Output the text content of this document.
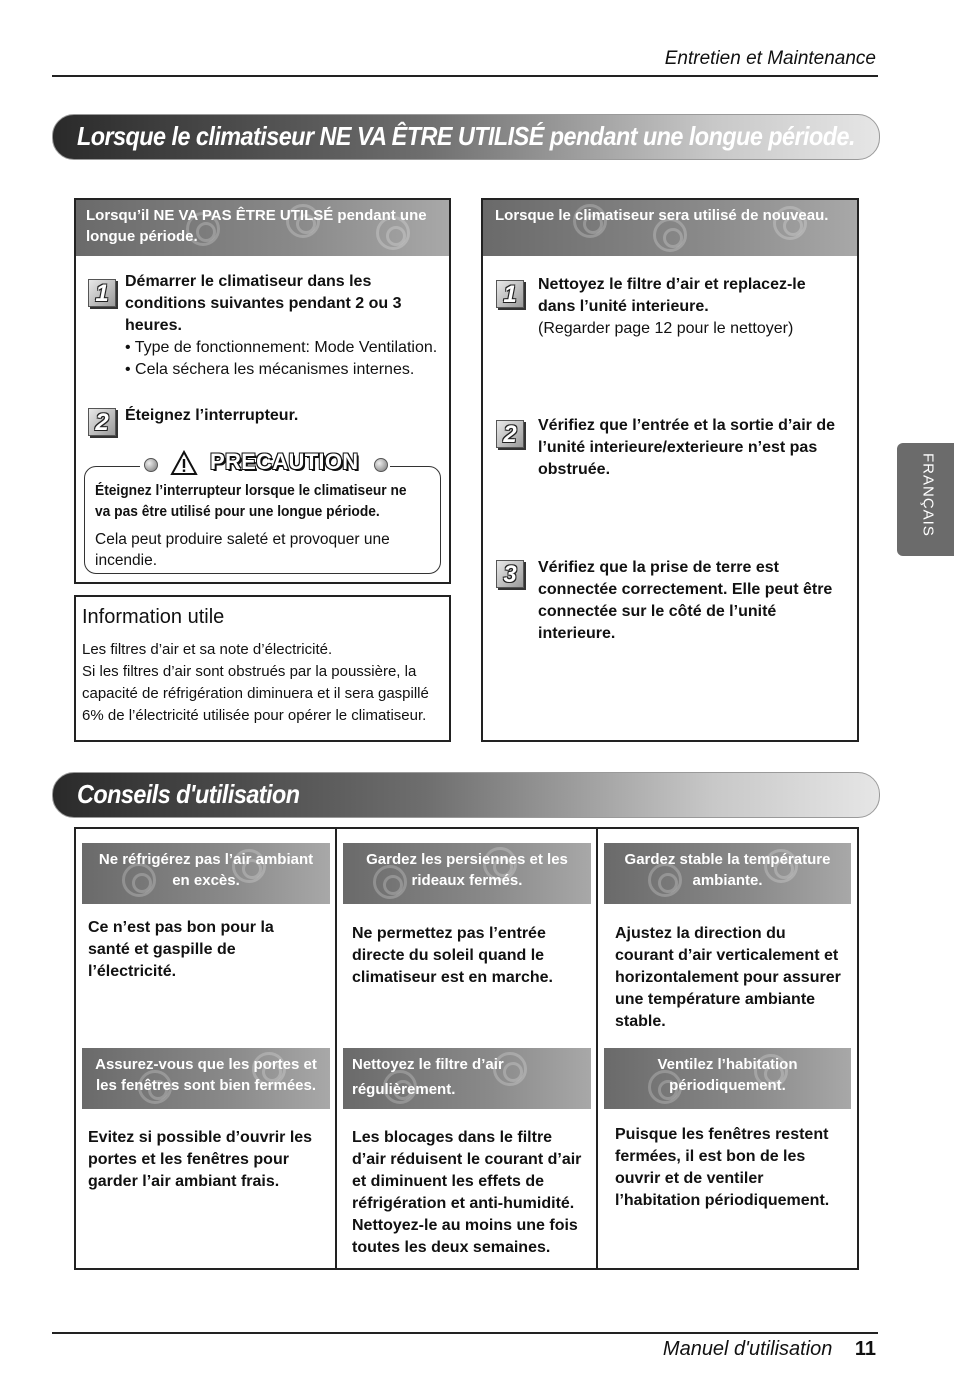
Entretien et Maintenance
FRANÇAIS
Lorsque le climatiseur NE VA ÊTRE UTILISÉ pendant une longue période.
Lorsqu’il NE VA PAS ÊTRE UTILSÉ pendant une longue période.
1	Démarrer le climatiseur dans les
conditions suivantes pendant 2 ou 3
heures.
• Type de fonctionnement: Mode Ventilation.
• Cela séchera les mécanismes internes.
2	Éteignez l’interrupteur.
Éteignez l’interrupteur lorsque le climatiseur ne
va pas être utilisé pour une longue période.
Cela peut produire saleté et provoquer une
incendie.
PRECAUTION
Information utile
Les filtres d’air et sa note d’électricité.
Si les filtres d’air sont obstrués par la poussière, la
capacité de réfrigération diminuera et il sera gaspillé
6% de l’électricité utilisée pour opérer le climatiseur.
Lorsque le climatiseur sera utilisé de nouveau.
1	Nettoyez le filtre d’air et replacez-le
dans l’unité interieure.
(Regarder page 12 pour le nettoyer)
2	Vérifiez que l’entrée et la sortie d’air de
l’unité interieure/exterieure n’est pas
obstruée.
3	Vérifiez que la prise de terre est
connectée correctement. Elle peut être
connectée sur le côté de l’unité
interieure.
Conseils d'utilisation
Ne réfrigérez pas l’air ambiant
en excès.
Ce n’est pas bon pour la
santé et gaspille de
l’électricité.
Gardez les persiennes et les
rideaux fermés.
Ne permettez pas l’entrée
directe du soleil quand le
climatiseur est en marche.
Gardez stable la température
ambiante.
Ajustez la direction du
courant d’air verticalement et
horizontalement pour assurer
une température ambiante
stable.
Assurez-vous que les portes et
les fenêtres sont bien fermées.
Evitez si possible d’ouvrir les
portes et les fenêtres pour
garder l’air ambiant frais.
Nettoyez le filtre d’air
régulièrement.
Les blocages dans le filtre
d’air réduisent le courant d’air
et diminuent les effets de
réfrigération et anti-humidité.
Nettoyez-le au moins une fois
toutes les deux semaines.
Ventilez l’habitation
périodiquement.
Puisque les fenêtres restent
fermées, il est bon de les
ouvrir et de ventiler
l’habitation périodiquement.
Manuel d'utilisation 11
